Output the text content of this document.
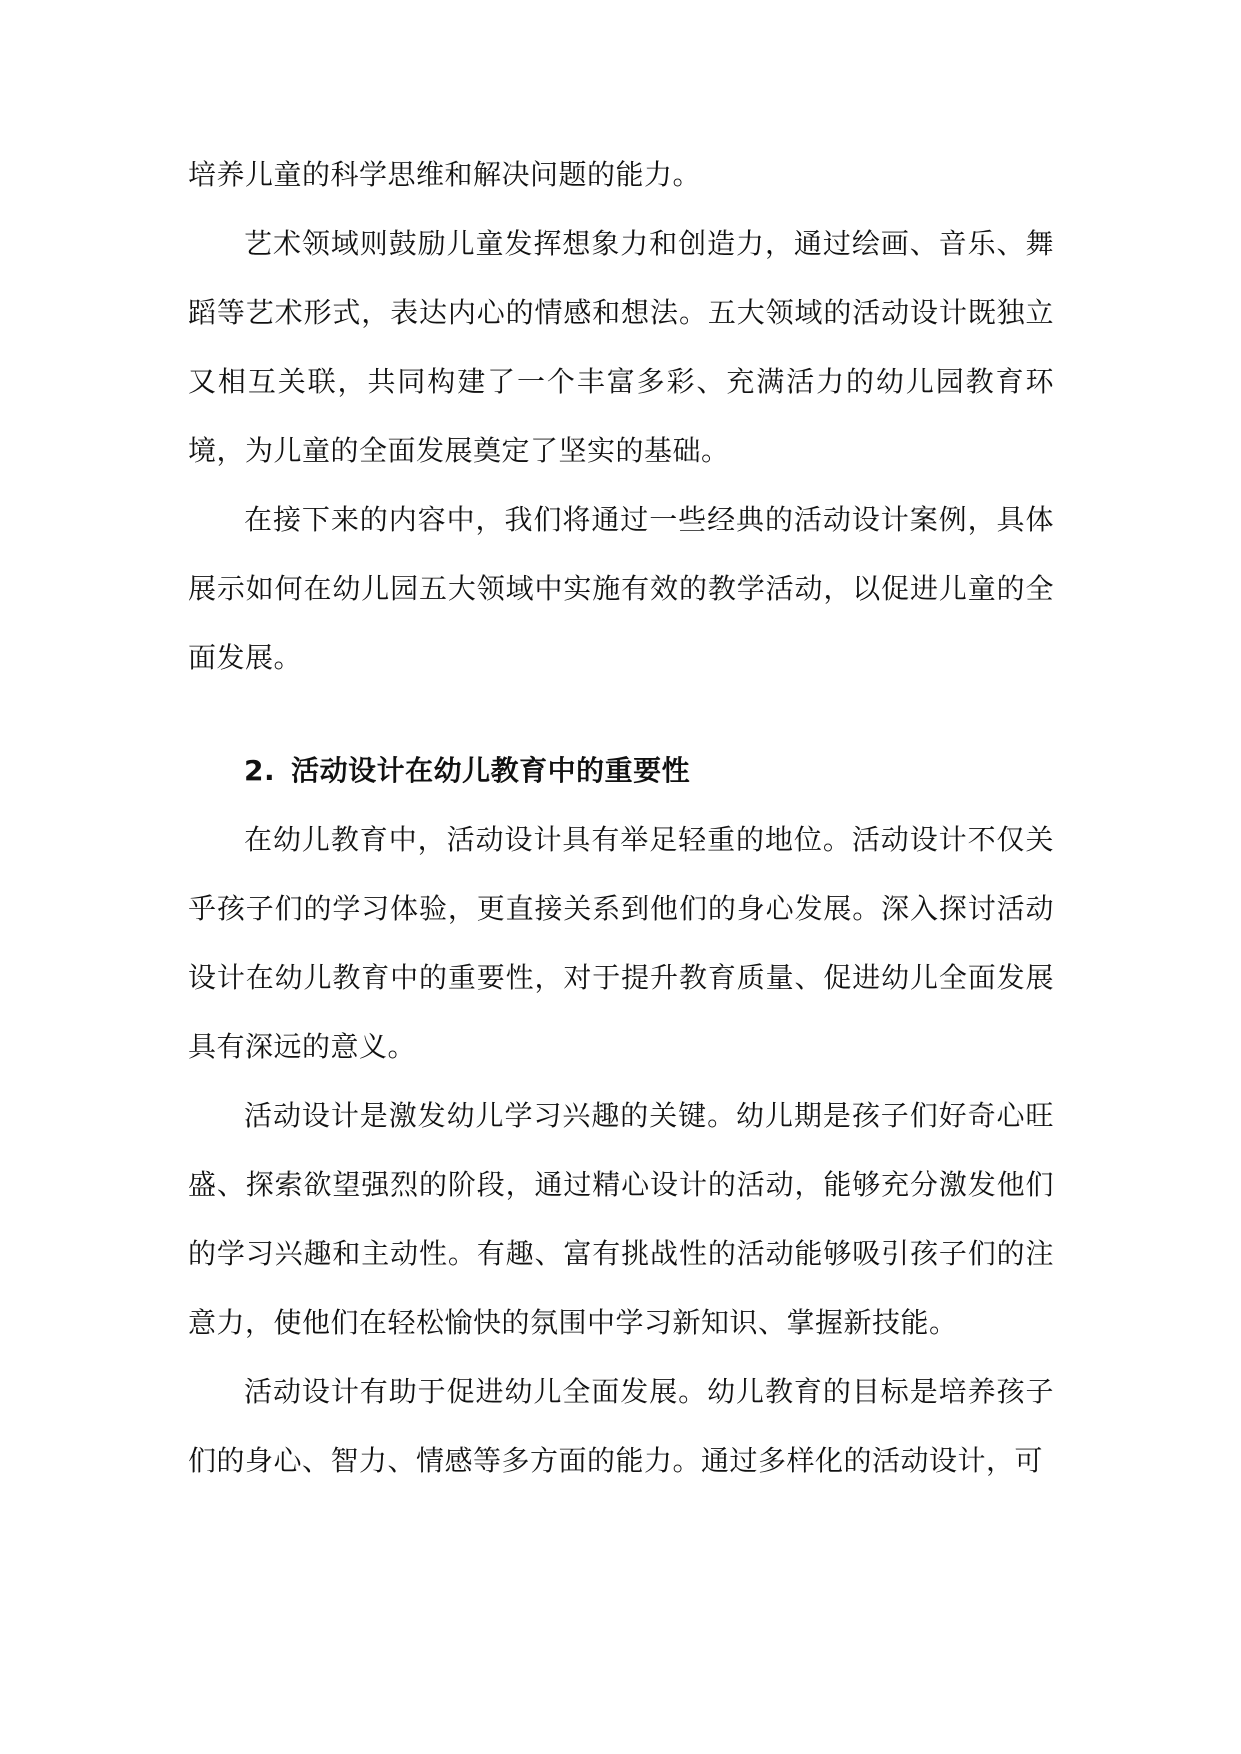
培养儿童的科学思维和解决问题的能力。

艺术领域则鼓励儿童发挥想象力和创造力，通过绘画、音乐、舞蹈等艺术形式，表达内心的情感和想法。五大领域的活动设计既独立又相互关联，共同构建了一个丰富多彩、充满活力的幼儿园教育环境，为儿童的全面发展奠定了坚实的基础。

在接下来的内容中，我们将通过一些经典的活动设计案例，具体展示如何在幼儿园五大领域中实施有效的教学活动，以促进儿童的全面发展。

2. 活动设计在幼儿教育中的重要性

在幼儿教育中，活动设计具有举足轻重的地位。活动设计不仅关乎孩子们的学习体验，更直接关系到他们的身心发展。深入探讨活动设计在幼儿教育中的重要性，对于提升教育质量、促进幼儿全面发展具有深远的意义。

活动设计是激发幼儿学习兴趣的关键。幼儿期是孩子们好奇心旺盛、探索欲望强烈的阶段，通过精心设计的活动，能够充分激发他们的学习兴趣和主动性。有趣、富有挑战性的活动能够吸引孩子们的注意力，使他们在轻松愉快的氛围中学习新知识、掌握新技能。

活动设计有助于促进幼儿全面发展。幼儿教育的目标是培养孩子们的身心、智力、情感等多方面的能力。通过多样化的活动设计，可
